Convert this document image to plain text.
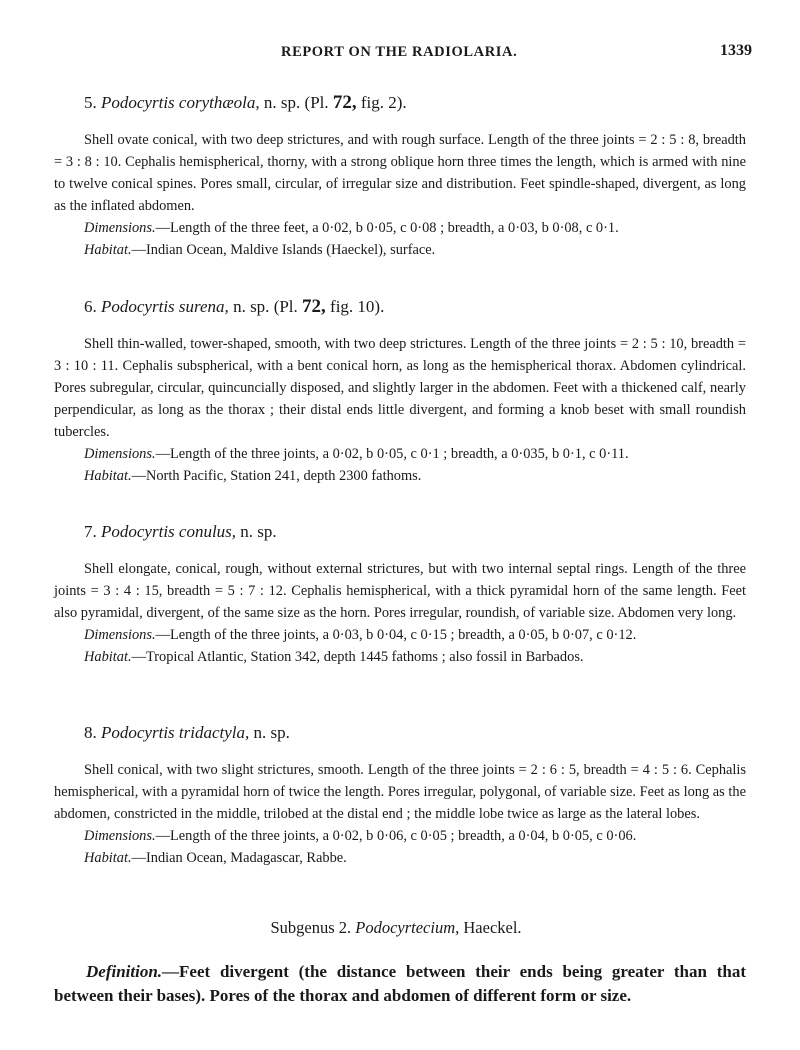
REPORT ON THE RADIOLARIA.	1339
5. Podocyrtis corythæola, n. sp. (Pl. 72, fig. 2).

Shell ovate conical, with two deep strictures, and with rough surface. Length of the three joints = 2 : 5 : 8, breadth = 3 : 8 : 10. Cephalis hemispherical, thorny, with a strong oblique horn three times the length, which is armed with nine to twelve conical spines. Pores small, circular, of irregular size and distribution. Feet spindle-shaped, divergent, as long as the inflated abdomen.

Dimensions.—Length of the three feet, a 0·02, b 0·05, c 0·08 ; breadth, a 0·03, b 0·08, c 0·1.

Habitat.—Indian Ocean, Maldive Islands (Haeckel), surface.

6. Podocyrtis surena, n. sp. (Pl. 72, fig. 10).

Shell thin-walled, tower-shaped, smooth, with two deep strictures. Length of the three joints = 2 : 5 : 10, breadth = 3 : 10 : 11. Cephalis subspherical, with a bent conical horn, as long as the hemispherical thorax. Abdomen cylindrical. Pores subregular, circular, quincuncially disposed, and slightly larger in the abdomen. Feet with a thickened calf, nearly perpendicular, as long as the thorax ; their distal ends little divergent, and forming a knob beset with small roundish tubercles.

Dimensions.—Length of the three joints, a 0·02, b 0·05, c 0·1 ; breadth, a 0·035, b 0·1, c 0·11.

Habitat.—North Pacific, Station 241, depth 2300 fathoms.

7. Podocyrtis conulus, n. sp.

Shell elongate, conical, rough, without external strictures, but with two internal septal rings. Length of the three joints = 3 : 4 : 15, breadth = 5 : 7 : 12. Cephalis hemispherical, with a thick pyramidal horn of the same length. Feet also pyramidal, divergent, of the same size as the horn. Pores irregular, roundish, of variable size. Abdomen very long.

Dimensions.—Length of the three joints, a 0·03, b 0·04, c 0·15 ; breadth, a 0·05, b 0·07, c 0·12.

Habitat.—Tropical Atlantic, Station 342, depth 1445 fathoms ; also fossil in Barbados.

8. Podocyrtis tridactyla, n. sp.

Shell conical, with two slight strictures, smooth. Length of the three joints = 2 : 6 : 5, breadth = 4 : 5 : 6. Cephalis hemispherical, with a pyramidal horn of twice the length. Pores irregular, polygonal, of variable size. Feet as long as the abdomen, constricted in the middle, trilobed at the distal end ; the middle lobe twice as large as the lateral lobes.

Dimensions.—Length of the three joints, a 0·02, b 0·06, c 0·05 ; breadth, a 0·04, b 0·05, c 0·06.

Habitat.—Indian Ocean, Madagascar, Rabbe.

Subgenus 2. Podocyrtecium, Haeckel.

Definition.—Feet divergent (the distance between their ends being greater than that between their bases). Pores of the thorax and abdomen of different form or size.
